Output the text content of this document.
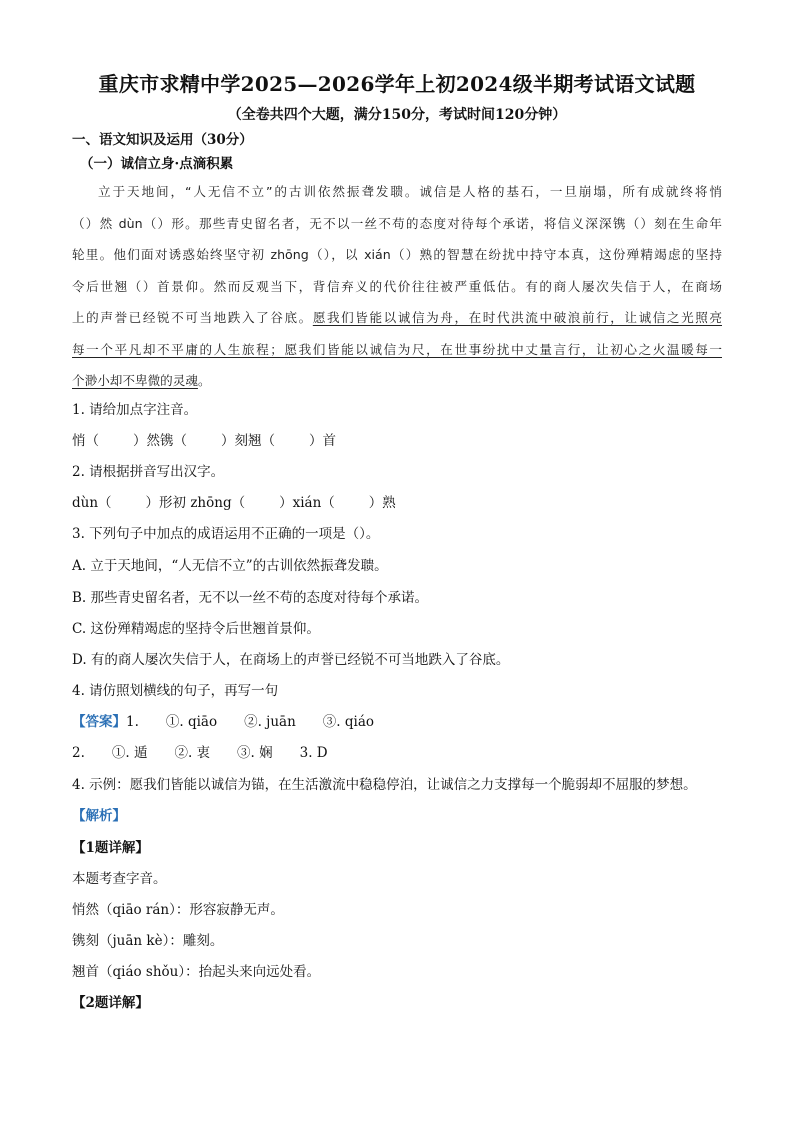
重庆市求精中学2025—2026学年上初2024级半期考试语文试题
（全卷共四个大题，满分150分，考试时间120分钟）
一、语文知识及运用（30分）
（一）诚信立身·点滴积累
立于天地间，“人无信不立”的古训依然振聋发聩。诚信是人格的基石，一旦崩塌，所有成就终将悄
（）然 dùn（）形。那些青史留名者，无不以一丝不苟的态度对待每个承诺，将信义深深镌（）刻在生命年
轮里。他们面对诱惑始终坚守初 zhōng（），以 xián（）熟的智慧在纷扰中持守本真，这份殚精竭虑的坚持
令后世翘（）首景仰。然而反观当下，背信弃义的代价往往被严重低估。有的商人屡次失信于人，在商场
上的声誉已经锐不可当地跌入了谷底。愿我们皆能以诚信为舟，在时代洪流中破浪前行，让诚信之光照亮
每一个平凡却不平庸的人生旅程；愿我们皆能以诚信为尺，在世事纷扰中丈量言行，让初心之火温暖每一
个渺小却不卑微的灵魂。
1. 请给加点字注音。
悄（	）然镌（	）刻翘（	）首
2. 请根据拼音写出汉字。
dùn（	）形初 zhōng（	）xián（	）熟
3. 下列句子中加点的成语运用不正确的一项是（）。
A. 立于天地间，“人无信不立”的古训依然振聋发聩。
B. 那些青史留名者，无不以一丝不苟的态度对待每个承诺。
C. 这份殚精竭虑的坚持令后世翘首景仰。
D. 有的商人屡次失信于人，在商场上的声誉已经锐不可当地跌入了谷底。
4. 请仿照划横线的句子，再写一句
【答案】1.　　①. qiāo　　②. juān　　③. qiáo
2.　　①. 遁　　②. 衷　　③. 娴　　3. D
4. 示例：愿我们皆能以诚信为锚，在生活激流中稳稳停泊，让诚信之力支撑每一个脆弱却不屈服的梦想。
【解析】
【1题详解】
本题考查字音。
悄然（qiāo rán）：形容寂静无声。
镌刻（juān kè）：雕刻。
翘首（qiáo shǒu）：抬起头来向远处看。
【2题详解】
